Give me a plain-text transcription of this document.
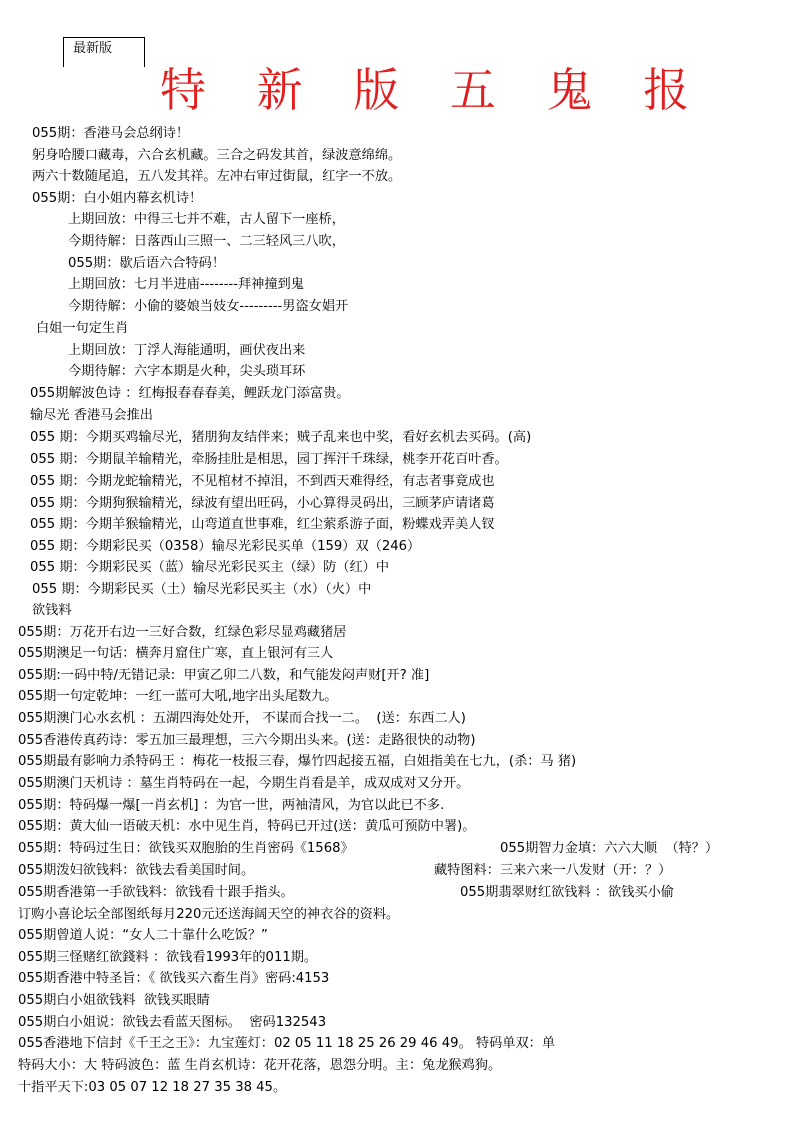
最新版
特 新 版 五 鬼 报
055期：香港马会总纲诗！
躬身哈腰口藏毒，六合玄机藏。三合之码发其首，绿波意绵绵。
两六十数随尾追，五八发其祥。左冲右审过街鼠，红字一不放。
055期：白小姐内幕玄机诗！
上期回放：中得三七并不难，古人留下一座桥，
今期待解：日落西山三照一、二三轻风三八吹，
055期：歇后语六合特码！
上期回放：七月半进庙--------拜神撞到鬼
今期待解：小偷的婆娘当妓女---------男盗女娼开
白姐一句定生肖
上期回放：丁浮人海能通明，画伏夜出来
今期待解：六字本期是火种，尖头琐耳环
055期解波色诗 ：红梅报春春春美，鲤跃龙门添富贵。
输尽光 香港马会推出
055 期：今期买鸡输尽光，猪朋狗友结伴来；贼子乱来也中奖，看好玄机去买码。(高)
055 期：今期鼠羊输精光，牵肠挂肚是相思，园丁挥汗千珠绿，桃李开花百叶香。
055 期：今期龙蛇输精光，不见棺材不掉泪，不到西天难得经，有志者事竟成也
055 期：今期狗猴输精光，绿波有望出旺码，小心算得灵码出，三顾茅庐请诸葛
055 期：今期羊猴输精光，山弯道直世事难，红尘萦系游子面，粉蝶戏弄美人钗
055 期：今期彩民买（0358）输尽光彩民买单（159）双（246）
055 期：今期彩民买（蓝）输尽光彩民买主（绿）防（红）中
055 期：今期彩民买（土）输尽光彩民买主（水）（火）中
欲钱料
055期：万花开右边一三好合数，红绿色彩尽显鸡藏猪居
055期澳足一句话：横奔月窟住广寒，直上银河有三人
055期:一码中特/无错记录:  甲寅乙卯二八数，和气能发闷声财[开? 准]
055期一句定乾坤：一红一蓝可大吼,地字出头尾数九。
055期澳门心水玄机 ：五湖四海处处开， 不谋而合找一二。  (送：东西二人)
055香港传真药诗：零五加三最理想，三六今期出头来。(送：走路很快的动物)
055期最有影响力杀特码王 ：梅花一枝报三春，爆竹四起接五福，白姐指美在七九，(杀：马 猪)
055期澳门天机诗 ：墓生肖特码在一起，今期生肖看是羊，成双成对又分开。
055期：特码爆一爆[一肖玄机] ：为官一世，两袖清风，为官以此已不多.
055期：黄大仙一语破天机：水中见生肖，特码已开过(送：黄瓜可预防中署)。
055期：特码过生日：欲钱买双胞胎的生肖密码《1568》	055期智力金填：六六大顺  （特？）
055期泼妇欲钱料：欲钱去看美国时间。	藏特图料：三来六来一八发财（开：？）
055期香港第一手欲钱料：欲钱看十跟手指头。	055期翡翠财红欲钱料 ：欲钱买小偷
订购小喜论坛全部图纸每月220元还送海阔天空的神衣谷的资料。
055期曾道人说：“女人二十靠什么吃饭？”
055期三怪赌红欲錢料 ：欲钱看1993年的011期。
055期香港中特圣旨：《 欲钱买六畜生肖》密码:4153
055期白小姐欲钱料  欲钱买眼睛
055期白小姐说：欲钱去看蓝天图标。  密码132543
055香港地下信封《千王之王》：九宝莲灯：02 05 11 18 25 26 29 46 49。 特码单双：单
特码大小：大 特码波色：蓝 生肖玄机诗：花开花落，恩怨分明。主：兔龙猴鸡狗。
十指平天下:03 05 07 12 18 27 35 38 45。
